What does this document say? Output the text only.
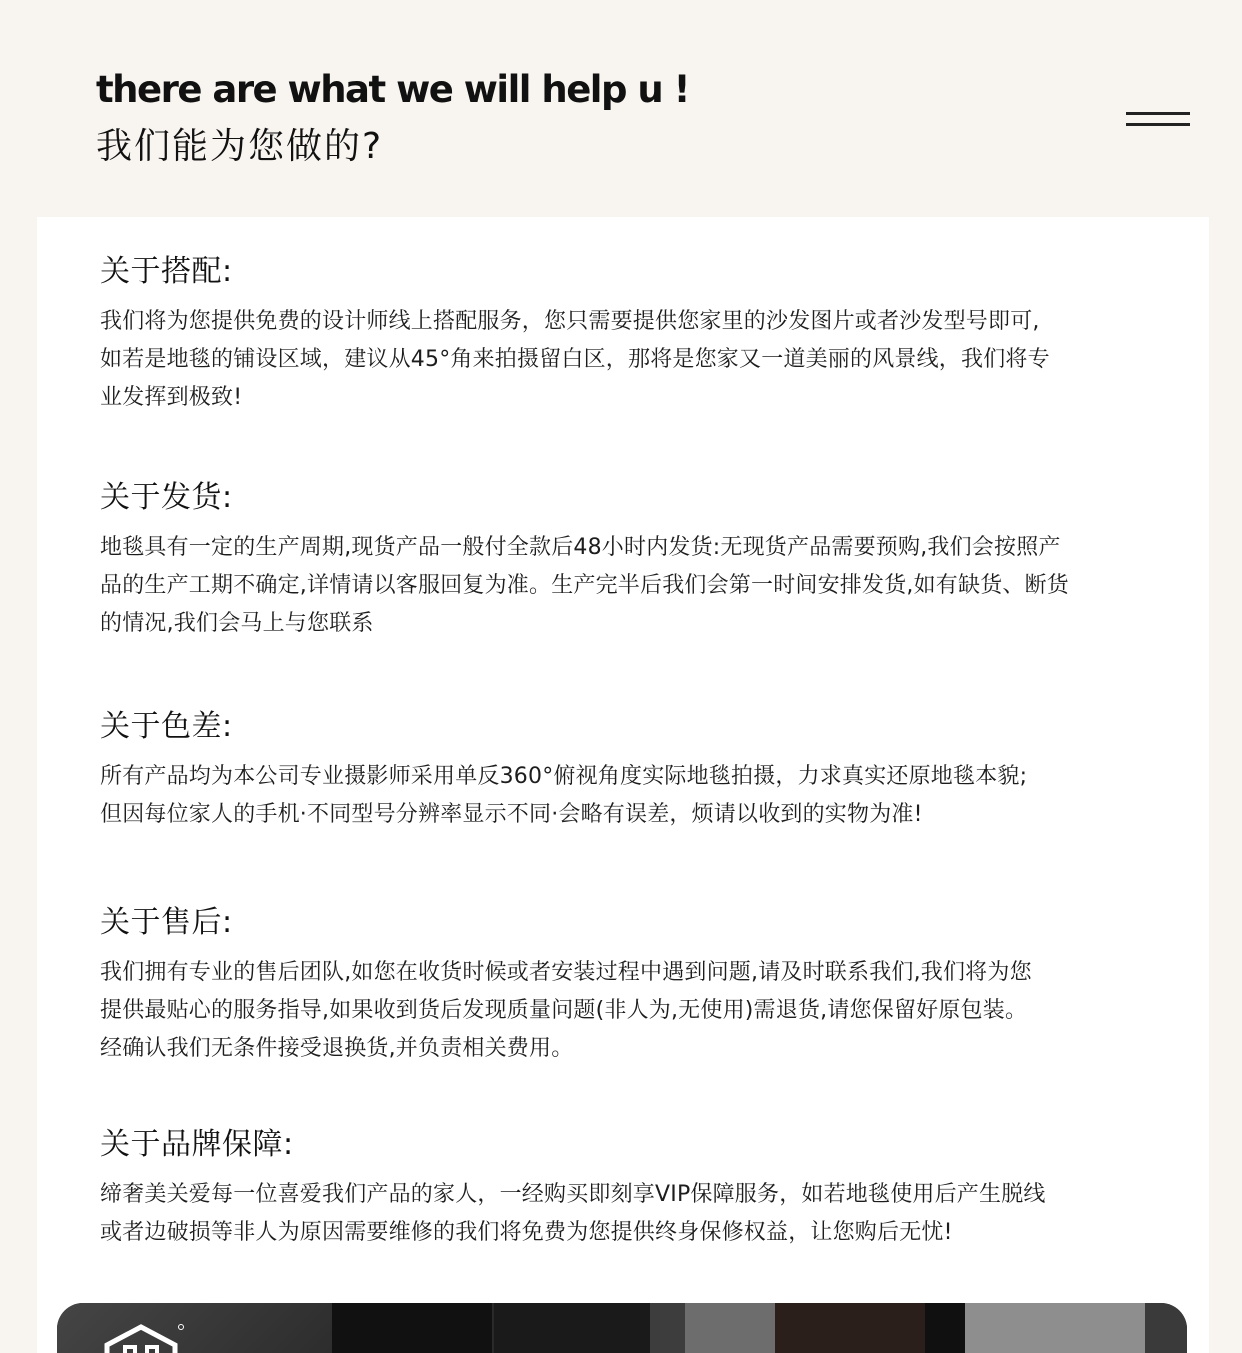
there are what we will help u !
我们能为您做的?
关于搭配:

我们将为您提供免费的设计师线上搭配服务，您只需要提供您家里的沙发图片或者沙发型号即可,
如若是地毯的铺设区域，建议从45°角来拍摄留白区，那将是您家又一道美丽的风景线，我们将专
业发挥到极致!

关于发货:

地毯具有一定的生产周期,现货产品一般付全款后48小时内发货:无现货产品需要预购,我们会按照产
品的生产工期不确定,详情请以客服回复为准。生产完半后我们会第一时间安排发货,如有缺货、断货
的情况,我们会马上与您联系

关于色差:

所有产品均为本公司专业摄影师采用单反360°俯视角度实际地毯拍摄，力求真实还原地毯本貌;
但因每位家人的手机·不同型号分辨率显示不同·会略有误差，烦请以收到的实物为准!

关于售后:

我们拥有专业的售后团队,如您在收货时候或者安装过程中遇到问题,请及时联系我们,我们将为您
提供最贴心的服务指导,如果收到货后发现质量问题(非人为,无使用)需退货,请您保留好原包装。
经确认我们无条件接受退换货,并负责相关费用。

关于品牌保障:

缔奢美关爱每一位喜爱我们产品的家人，一经购买即刻享VIP保障服务，如若地毯使用后产生脱线
或者边破损等非人为原因需要维修的我们将免费为您提供终身保修权益，让您购后无忧!
